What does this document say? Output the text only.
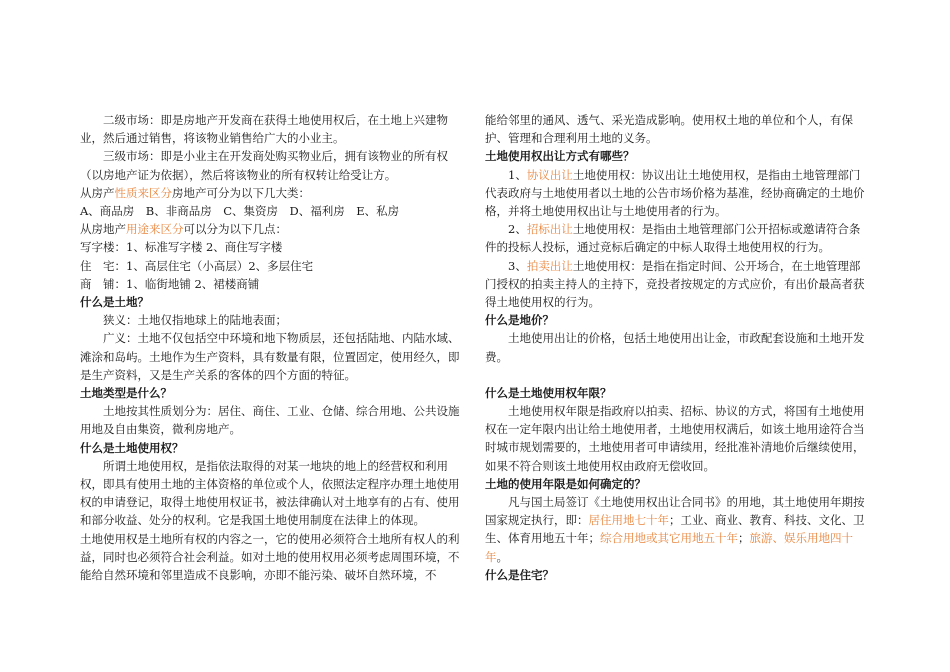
二级市场：即是房地产开发商在获得土地使用权后，在土地上兴建物业，然后通过销售，将该物业销售给广大的小业主。

三级市场：即是小业主在开发商处购买物业后，拥有该物业的所有权（以房地产证为依据），然后将该物业的所有权转让给受让方。

从房产性质来区分房地产可分为以下几大类：

A、商品房　B、非商品房　C、集资房　D、福利房　E、私房

从房地产用途来区分可以分为以下几点：

写字楼：1、标准写字楼 2、商住写字楼

住　宅：1、高层住宅（小高层）2、多层住宅

商　铺：1、临街地铺 2、裙楼商铺

什么是土地？

狭义：土地仅指地球上的陆地表面；

广义：土地不仅包括空中环境和地下物质层，还包括陆地、内陆水域、滩涂和岛屿。土地作为生产资料，具有数量有限，位置固定，使用经久，即是生产资料，又是生产关系的客体的四个方面的特征。

土地类型是什么？

土地按其性质划分为：居住、商住、工业、仓储、综合用地、公共设施用地及自由集资，微利房地产。

什么是土地使用权？

所谓土地使用权，是指依法取得的对某一地块的地上的经营权和利用权，即具有使用土地的主体资格的单位或个人，依照法定程序办理土地使用权的申请登记，取得土地使用权证书，被法律确认对土地享有的占有、使用和部分收益、处分的权利。它是我国土地使用制度在法律上的体现。

土地使用权是土地所有权的内容之一，它的使用必须符合土地所有权人的利益，同时也必须符合社会利益。如对土地的使用权用必须考虑周围环境，不能给自然环境和邻里造成不良影响，亦即不能污染、破坏自然环境，不

能给邻里的通风、透气、采光造成影响。使用权土地的单位和个人，有保护、管理和合理利用土地的义务。

土地使用权出让方式有哪些？

1、协议出让土地使用权：协议出让土地使用权，是指由土地管理部门代表政府与土地使用者以土地的公告市场价格为基准，经协商确定的土地价格，并将土地使用权出让与土地使用者的行为。

2、招标出让土地使用权：是指由土地管理部门公开招标或邀请符合条件的投标人投标，通过竞标后确定的中标人取得土地使用权的行为。

3、拍卖出让土地使用权：是指在指定时间、公开场合，在土地管理部门授权的拍卖主持人的主持下，竞投者按规定的方式应价，有出价最高者获得土地使用权的行为。

什么是地价？

土地使用出让的价格，包括土地使用出让金，市政配套设施和土地开发费。

什么是土地使用权年限？

土地使用权年限是指政府以拍卖、招标、协议的方式，将国有土地使用权在一定年限内出让给土地使用者，土地使用权满后，如该土地用途符合当时城市规划需要的，土地使用者可申请续用，经批准补清地价后继续使用，如果不符合则该土地使用权由政府无偿收回。

土地的使用年限是如何确定的？

凡与国土局签订《土地使用权出让合同书》的用地，其土地使用年期按国家规定执行，即：居住用地七十年；工业、商业、教育、科技、文化、卫生、体育用地五十年；综合用地或其它用地五十年；旅游、娱乐用地四十年。

什么是住宅？
